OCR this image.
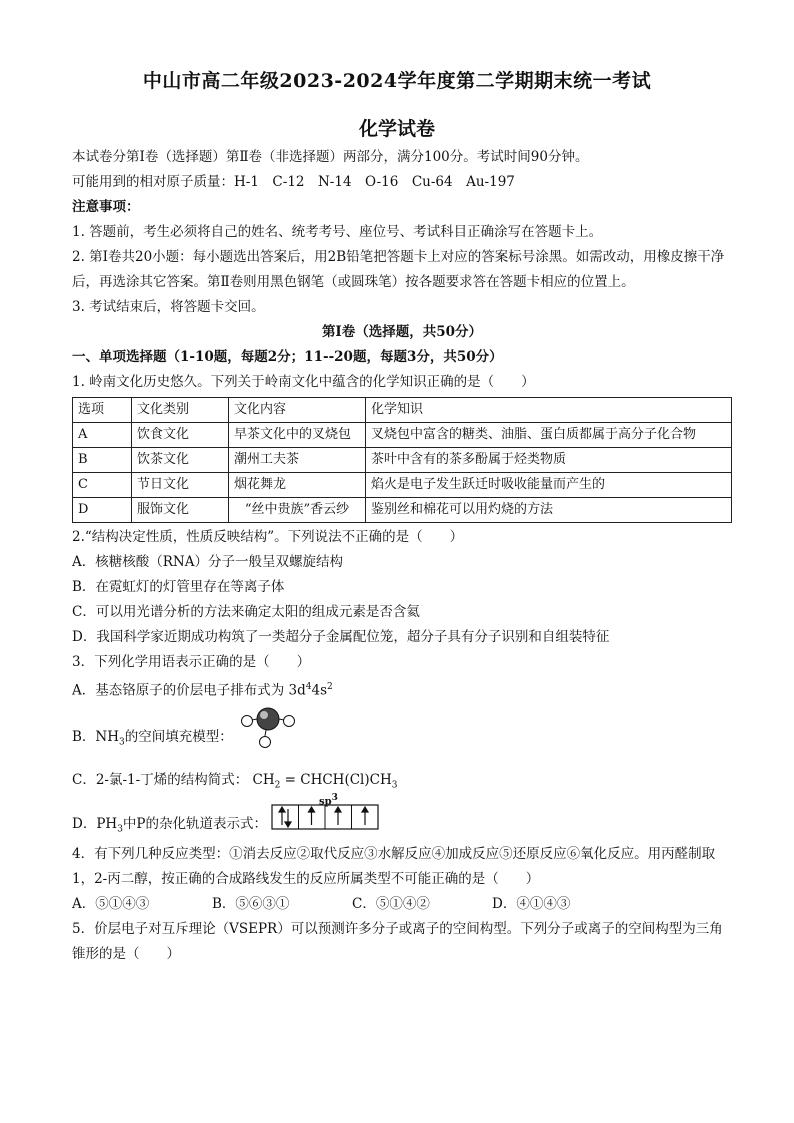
中山市高二年级2023-2024学年度第二学期期末统一考试
化学试卷

本试卷分第Ⅰ卷（选择题）第Ⅱ卷（非选择题）两部分，满分100分。考试时间90分钟。

可能用到的相对原子质量：H-1　C-12　N-14　O-16　Cu-64　Au-197

注意事项：

1. 答题前，考生必须将自己的姓名、统考考号、座位号、考试科目正确涂写在答题卡上。

2. 第Ⅰ卷共20小题：每小题选出答案后，用2B铅笔把答题卡上对应的答案标号涂黑。如需改动，用橡皮擦干净后，再选涂其它答案。第Ⅱ卷则用黑色钢笔（或圆珠笔）按各题要求答在答题卡相应的位置上。

3. 考试结束后，将答题卡交回。

第Ⅰ卷（选择题，共50分）

一、单项选择题（1-10题，每题2分；11--20题，每题3分，共50分）

1. 岭南文化历史悠久。下列关于岭南文化中蕴含的化学知识正确的是（　　）

选项	文化类别	文化内容	化学知识
A	饮食文化	早茶文化中的叉烧包	叉烧包中富含的糖类、油脂、蛋白质都属于高分子化合物
B	饮茶文化	潮州工夫茶	茶叶中含有的茶多酚属于烃类物质
C	节日文化	烟花舞龙	焰火是电子发生跃迁时吸收能量而产生的
D	服饰文化	“丝中贵族”香云纱	鉴别丝和棉花可以用灼烧的方法

2.“结构决定性质，性质反映结构”。下列说法不正确的是（　　）

A．核糖核酸（RNA）分子一般呈双螺旋结构

B．在霓虹灯的灯管里存在等离子体

C．可以用光谱分析的方法来确定太阳的组成元素是否含氦

D．我国科学家近期成功构筑了一类超分子金属配位笼，超分子具有分子识别和自组装特征

3．下列化学用语表示正确的是（　　）

A．基态铬原子的价层电子排布式为 $3d^44s^2$

B．$NH_3$的空间填充模型：

C．2-氯-1-丁烯的结构简式： $CH_2$ = $CHCH(Cl)CH_3$

D．$PH_3$中P的杂化轨道表示式：
sp3

4．有下列几种反应类型：①消去反应②取代反应③水解反应④加成反应⑤还原反应⑥氧化反应。用丙醛制取1，2-丙二醇，按正确的合成路线发生的反应所属类型不可能正确的是（　　）

A．⑤①④③	B．⑤⑥③①	C．⑤①④②	D．④①④③

5．价层电子对互斥理论（VSEPR）可以预测许多分子或离子的空间构型。下列分子或离子的空间构型为三角锥形的是（　　）
